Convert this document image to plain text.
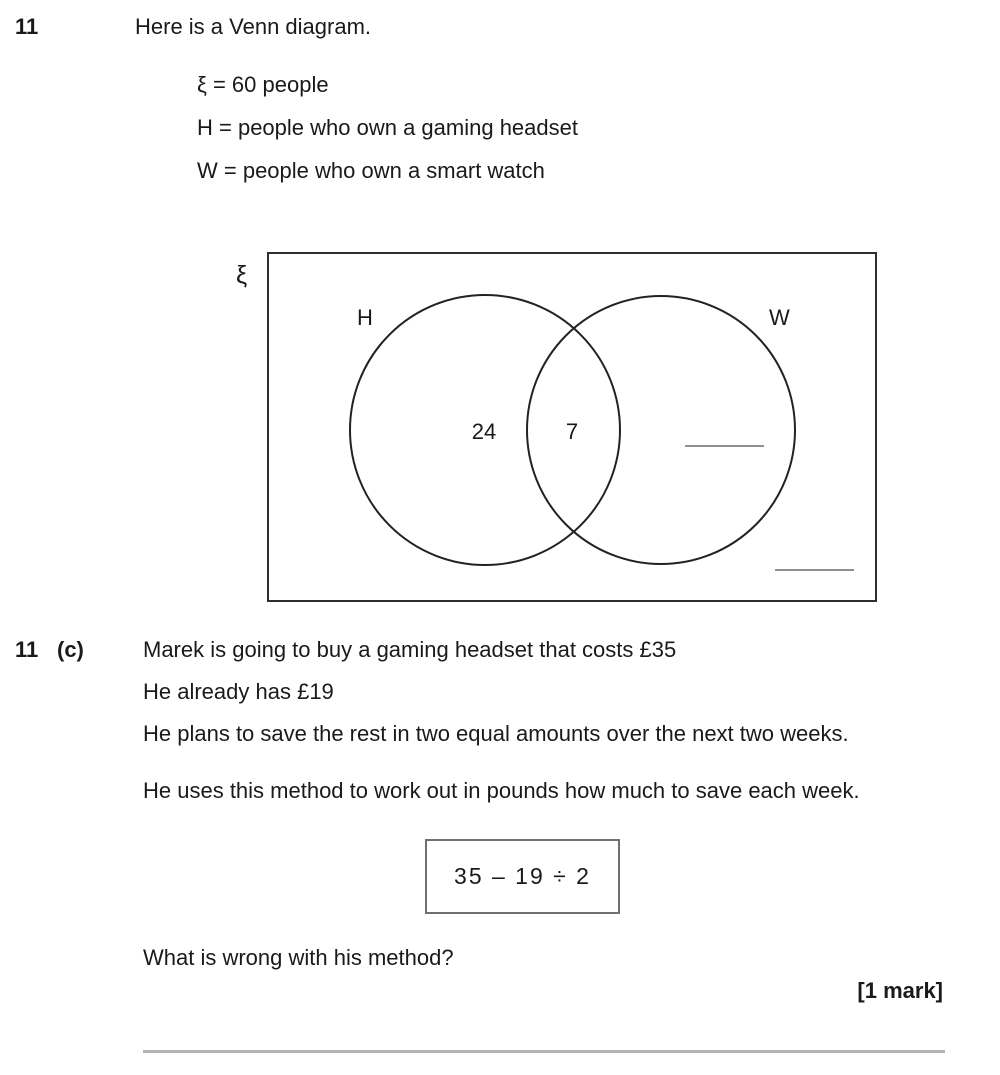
11	Here is a Venn diagram.
ξ = 60 people
H = people who own a gaming headset
W = people who own a smart watch
ξ
H	W
24	7
11 (c)	Marek is going to buy a gaming headset that costs £35
He already has £19
He plans to save the rest in two equal amounts over the next two weeks.
He uses this method to work out in pounds how much to save each week.
35 – 19 ÷ 2
What is wrong with his method?
[1 mark]
